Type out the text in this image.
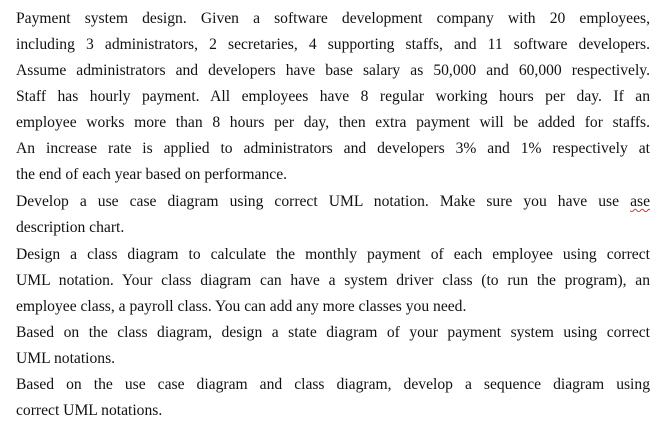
Payment system design. Given a software development company with 20 employees,
including 3 administrators, 2 secretaries, 4 supporting staffs, and 11 software developers.
Assume administrators and developers have base salary as 50,000 and 60,000 respectively.
Staff has hourly payment. All employees have 8 regular working hours per day. If an
employee works more than 8 hours per day, then extra payment will be added for staffs.
An increase rate is applied to administrators and developers 3% and 1% respectively at
the end of each year based on performance.
Develop a use case diagram using correct UML notation. Make sure you have use ase
description chart.
Design a class diagram to calculate the monthly payment of each employee using correct
UML notation. Your class diagram can have a system driver class (to run the program), an
employee class, a payroll class. You can add any more classes you need.
Based on the class diagram, design a state diagram of your payment system using correct
UML notations.
Based on the use case diagram and class diagram, develop a sequence diagram using
correct UML notations.
